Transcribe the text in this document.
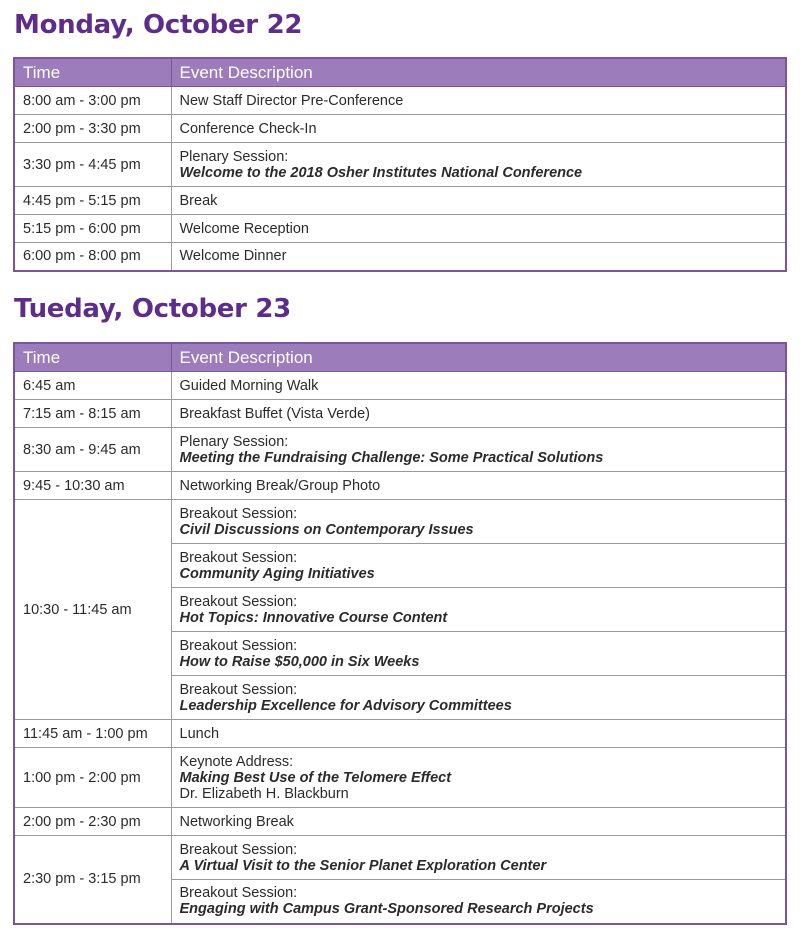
Monday, October 22
Time	Event Description
8:00 am - 3:00 pm	New Staff Director Pre-Conference

2:00 pm - 3:30 pm	Conference Check-In

3:30 pm - 4:45 pm	Plenary Session:
Welcome to the 2018 Osher Institutes National Conference

4:45 pm - 5:15 pm	Break

5:15 pm - 6:00 pm	Welcome Reception

6:00 pm - 8:00 pm	Welcome Dinner
Tueday, October 23
Time	Event Description
6:45 am	Guided Morning Walk

7:15 am - 8:15 am	Breakfast Buffet (Vista Verde)

8:30 am - 9:45 am	Plenary Session:
Meeting the Fundraising Challenge: Some Practical Solutions

9:45 - 10:30 am	Networking Break/Group Photo

10:30 - 11:45 am	Breakout Session:
Civil Discussions on Contemporary Issues

	Breakout Session:
Community Aging Initiatives

	Breakout Session:
Hot Topics: Innovative Course Content

	Breakout Session:
How to Raise $50,000 in Six Weeks

	Breakout Session:
Leadership Excellence for Advisory Committees

11:45 am - 1:00 pm	Lunch

1:00 pm - 2:00 pm	Keynote Address:
Making Best Use of the Telomere Effect
Dr. Elizabeth H. Blackburn

2:00 pm - 2:30 pm	Networking Break

2:30 pm - 3:15 pm	Breakout Session:
A Virtual Visit to the Senior Planet Exploration Center

	Breakout Session:
Engaging with Campus Grant-Sponsored Research Projects
